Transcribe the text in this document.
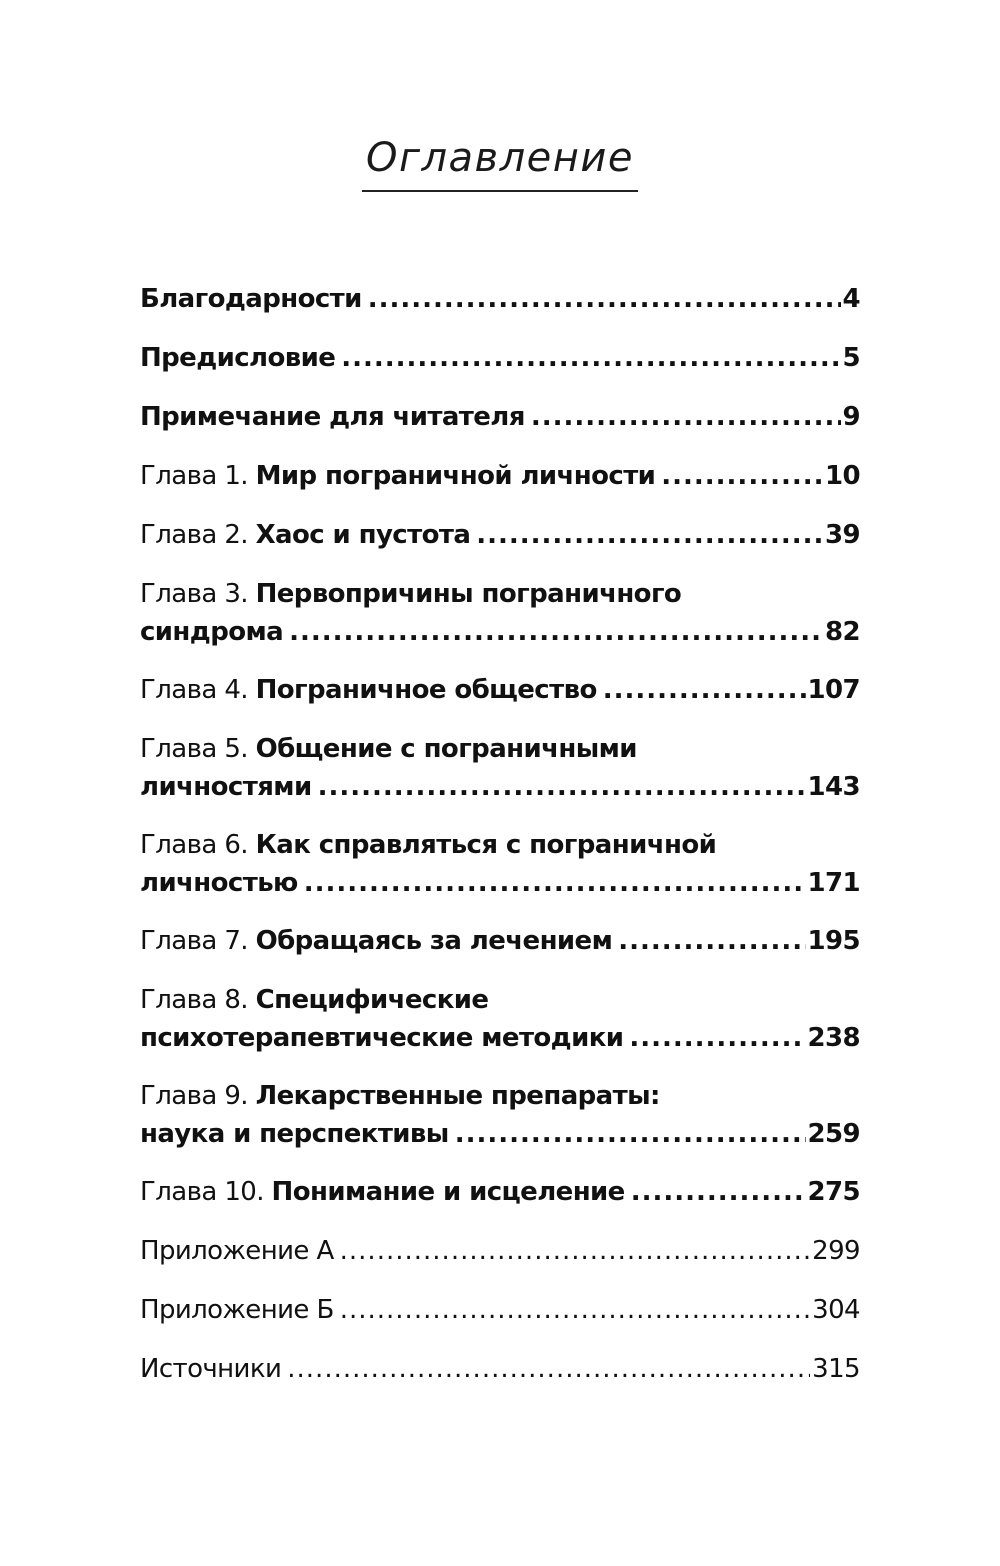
Оглавление
Благодарности .....	4
Предисловие .....	5
Примечание для читателя .....	9
Глава 1. Мир пограничной личности .....	10
Глава 2. Хаос и пустота .....	39
Глава 3. Первопричины пограничного
синдрома .....	82
Глава 4. Пограничное общество .....	107
Глава 5. Общение с пограничными
личностями .....	143
Глава 6. Как справляться с пограничной
личностью .....	171
Глава 7. Обращаясь за лечением .....	195
Глава 8. Специфические
психотерапевтические методики .....	238
Глава 9. Лекарственные препараты:
наука и перспективы .....	259
Глава 10. Понимание и исцеление .....	275
Приложение А .....	299
Приложение Б .....	304
Источники .....	315
